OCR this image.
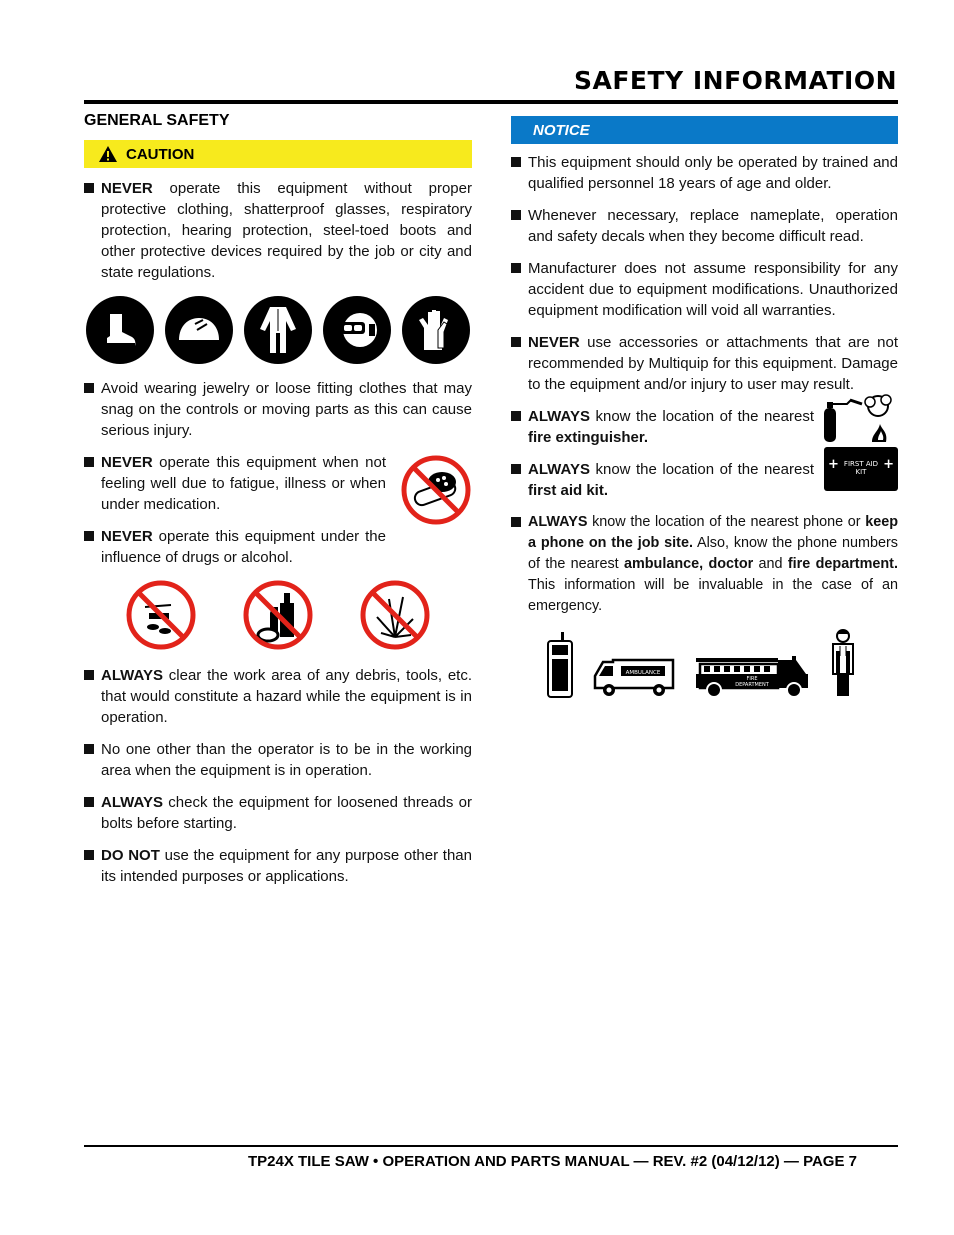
SAFETY INFORMATION
GENERAL SAFETY
CAUTION
NEVER operate this equipment without proper protective clothing, shatterproof glasses, respiratory protection, hearing protection, steel-toed boots and other protective devices required by the job or city and state regulations.
Avoid wearing jewelry or loose fitting clothes that may snag on the controls or moving parts as this can cause serious injury.
NEVER operate this equipment when not feeling well due to fatigue, illness or when under medication.
NEVER operate this equipment under the influence of drugs or alcohol.
ALWAYS clear the work area of any debris, tools, etc. that would constitute a hazard while the equipment is in operation.
No one other than the operator is to be in the working area when the equipment is in operation.
ALWAYS check the equipment for loosened threads or bolts before starting.
DO NOT use the equipment for any purpose other than its intended purposes or applications.
NOTICE
This equipment should only be operated by trained and qualified personnel 18 years of age and older.
Whenever necessary, replace nameplate, operation and safety decals when they become difficult read.
Manufacturer does not assume responsibility for any accident due to equipment modifications. Unauthorized equipment modification will void all warranties.
NEVER use accessories or attachments that are not recommended by Multiquip for this equipment. Damage to the equipment and/or injury to user may result.
ALWAYS know the location of the nearest fire extinguisher.
ALWAYS know the location of the nearest first aid kit.
+	+
FIRST AID
KIT
ALWAYS know the location of the nearest phone or keep a phone on the job site. Also, know the phone numbers of the nearest ambulance, doctor and fire department. This information will be invaluable in the case of an emergency.
AMBULANCE
FIRE
DEPARTMENT
TP24X TILE SAW • OPERATION AND PARTS MANUAL — REV. #2 (04/12/12) — PAGE 7
